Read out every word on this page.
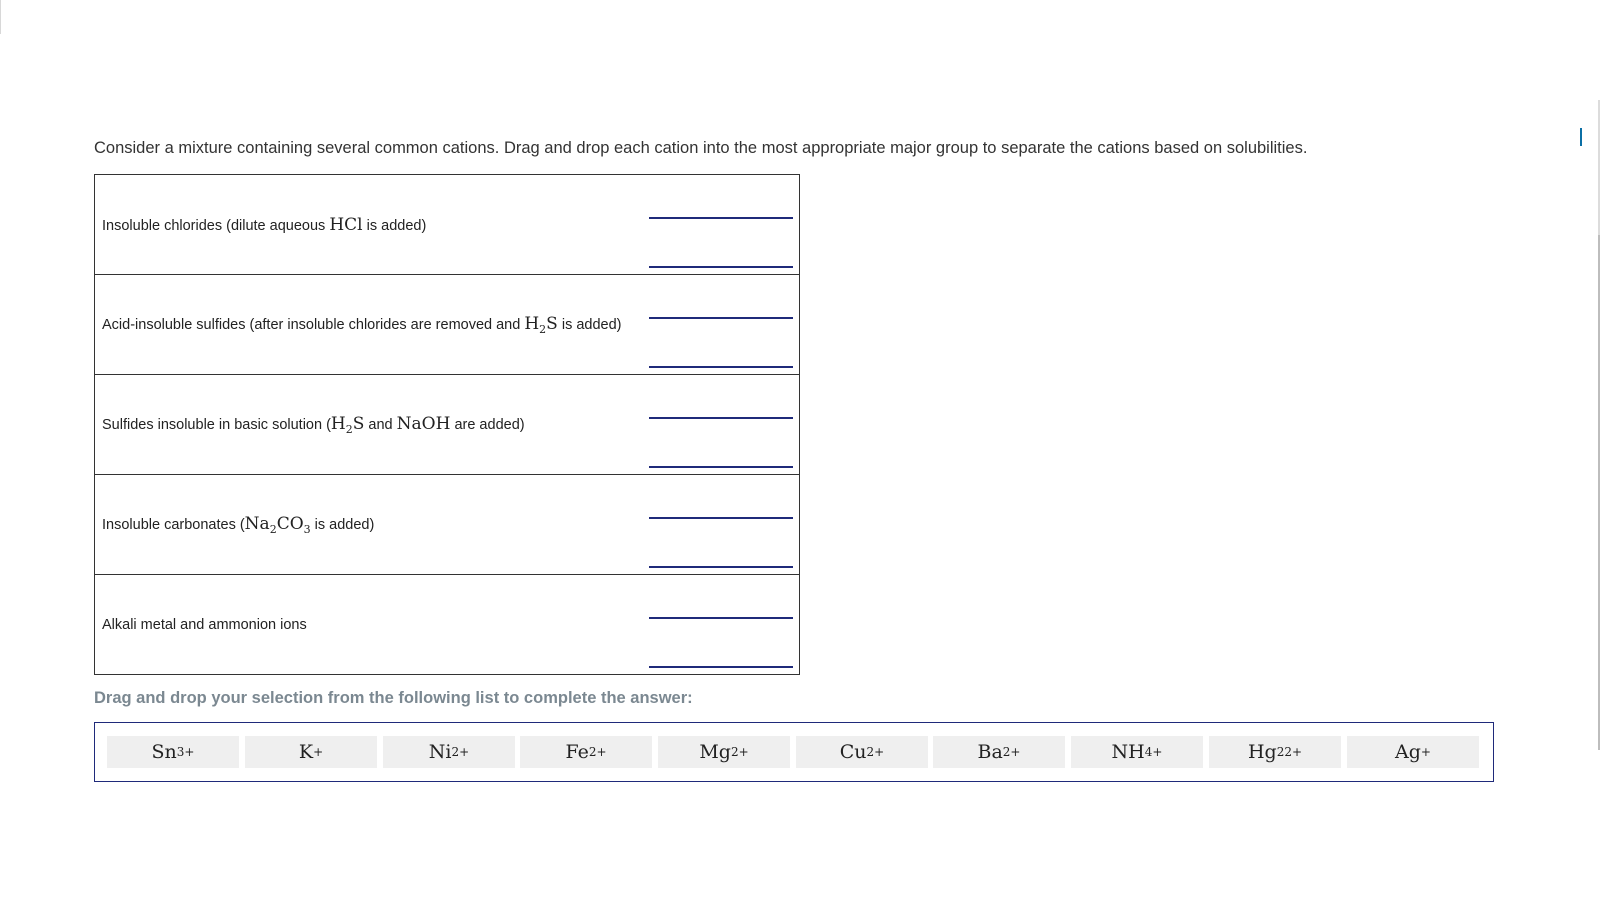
Consider a mixture containing several common cations. Drag and drop each cation into the most appropriate major group to separate the cations based on solubilities.
Insoluble chlorides (dilute aqueous HCl is added)
Acid-insoluble sulfides (after insoluble chlorides are removed and $H_2S$ is added)
Sulfides insoluble in basic solution ($H_2S$ and NaOH are added)
Insoluble carbonates ($Na_2CO_3$ is added)
Alkali metal and ammonion ions
Drag and drop your selection from the following list to complete the answer:
Sn 3+	K +	Ni 2+	Fe 2+	Mg 2+	Cu 2+	Ba 2+	NH 4 +	Hg 2 2+	Ag +
